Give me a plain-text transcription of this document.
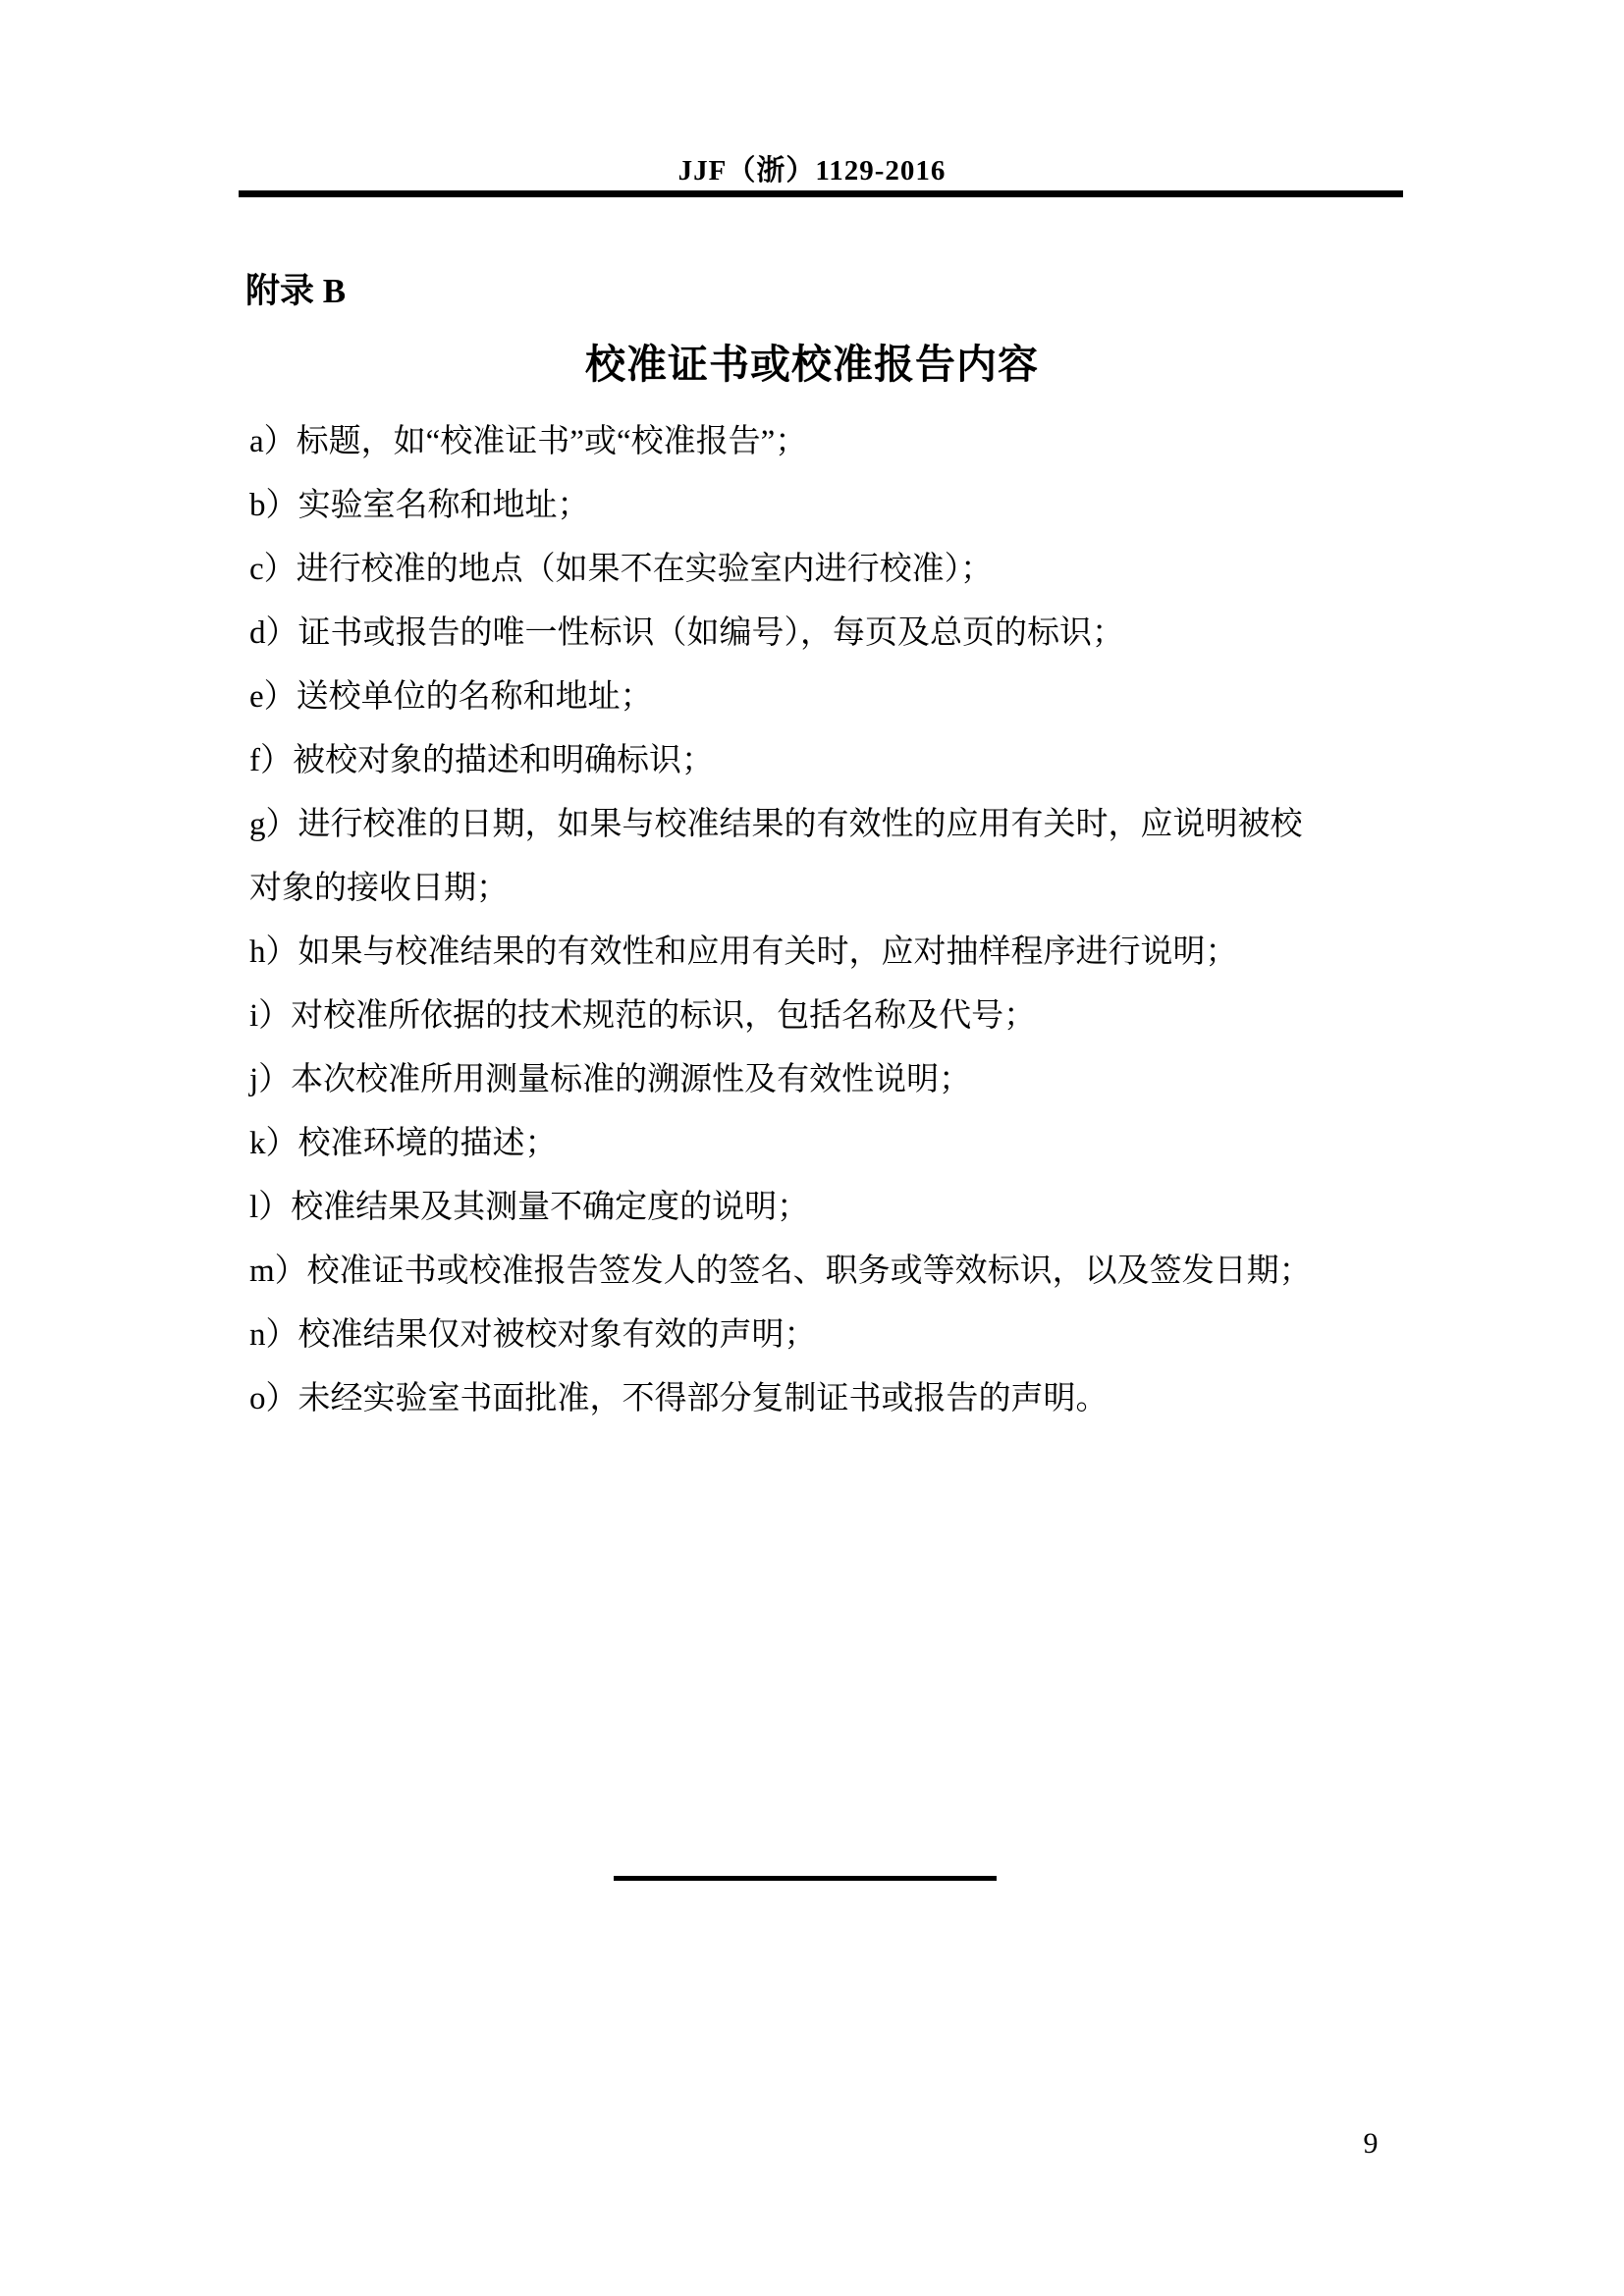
JJF（浙）1129-2016
附录 B
校准证书或校准报告内容
a）标题，如“校准证书”或“校准报告”；
b）实验室名称和地址；
c）进行校准的地点（如果不在实验室内进行校准）；
d）证书或报告的唯一性标识（如编号），每页及总页的标识；
e）送校单位的名称和地址；
f）被校对象的描述和明确标识；
g）进行校准的日期，如果与校准结果的有效性的应用有关时，应说明被校
对象的接收日期；
h）如果与校准结果的有效性和应用有关时，应对抽样程序进行说明；
i）对校准所依据的技术规范的标识，包括名称及代号；
j）本次校准所用测量标准的溯源性及有效性说明；
k）校准环境的描述；
l）校准结果及其测量不确定度的说明；
m）校准证书或校准报告签发人的签名、职务或等效标识，以及签发日期；
n）校准结果仅对被校对象有效的声明；
o）未经实验室书面批准，不得部分复制证书或报告的声明。
9
